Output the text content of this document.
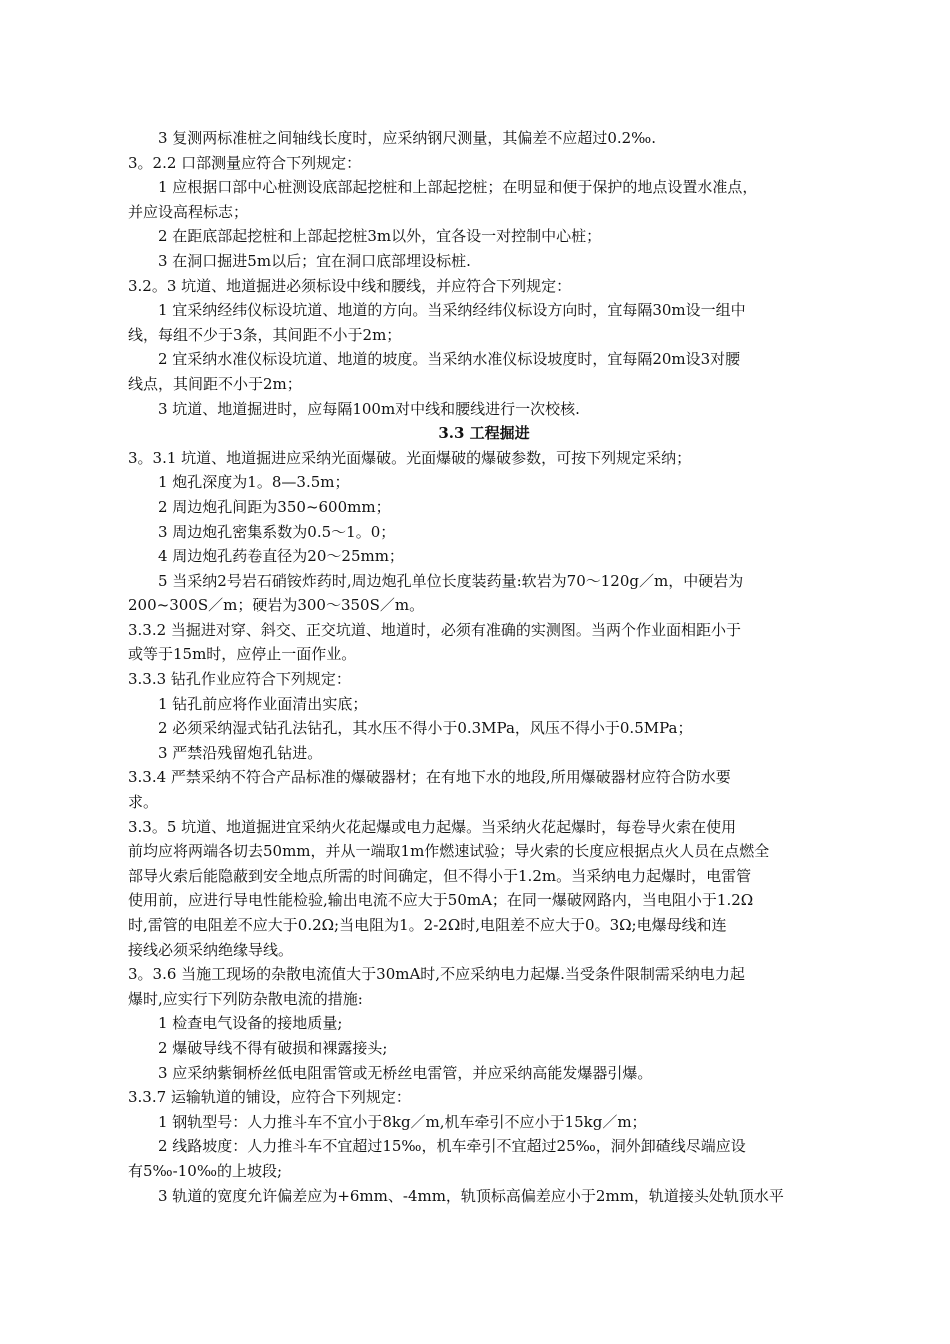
3 复测两标准桩之间轴线长度时，应采纳钢尺测量，其偏差不应超过0.2‰.
3。2.2 口部测量应符合下列规定：
1 应根据口部中心桩测设底部起挖桩和上部起挖桩；在明显和便于保护的地点设置水准点，
并应设高程标志；
2 在距底部起挖桩和上部起挖桩3m以外，宜各设一对控制中心桩；
3 在洞口掘进5m以后；宜在洞口底部埋设标桩.
3.2。3 坑道、地道掘进必须标设中线和腰线，并应符合下列规定：
1 宜采纳经纬仪标设坑道、地道的方向。当采纳经纬仪标设方向时，宜每隔30m设一组中
线，每组不少于3条，其间距不小于2m；
2 宜采纳水准仪标设坑道、地道的坡度。当采纳水准仪标设坡度时，宜每隔20m设3对腰
线点，其间距不小于2m；
3 坑道、地道掘进时，应每隔100m对中线和腰线进行一次校核.
3.3 工程掘进
3。3.1 坑道、地道掘进应采纳光面爆破。光面爆破的爆破参数，可按下列规定采纳；
1 炮孔深度为1。8—3.5m；
2 周边炮孔间距为350~600mm；
3 周边炮孔密集系数为0.5～1。0；
4 周边炮孔药卷直径为20～25mm；
5 当采纳2号岩石硝铵炸药时,周边炮孔单位长度装药量:软岩为70～120g／m，中硬岩为
200~300S／m；硬岩为300～350S／m。
3.3.2 当掘进对穿、斜交、正交坑道、地道时，必须有准确的实测图。当两个作业面相距小于
或等于15m时，应停止一面作业。
3.3.3 钻孔作业应符合下列规定：
1 钻孔前应将作业面清出实底；
2 必须采纳湿式钻孔法钻孔，其水压不得小于0.3MPa，风压不得小于0.5MPa；
3 严禁沿残留炮孔钻进。
3.3.4 严禁采纳不符合产品标准的爆破器材；在有地下水的地段,所用爆破器材应符合防水要
求。
3.3。5 坑道、地道掘进宜采纳火花起爆或电力起爆。当采纳火花起爆时，每卷导火索在使用
前均应将两端各切去50mm，并从一端取1m作燃速试验；导火索的长度应根据点火人员在点燃全
部导火索后能隐蔽到安全地点所需的时间确定，但不得小于1.2m。当采纳电力起爆时，电雷管
使用前，应进行导电性能检验,输出电流不应大于50mA；在同一爆破网路内，当电阻小于1.2Ω
时,雷管的电阻差不应大于0.2Ω;当电阻为1。2-2Ω时,电阻差不应大于0。3Ω;电爆母线和连
接线必须采纳绝缘导线。
3。3.6 当施工现场的杂散电流值大于30mA时,不应采纳电力起爆.当受条件限制需采纳电力起
爆时,应实行下列防杂散电流的措施:
1 检查电气设备的接地质量;
2 爆破导线不得有破损和裸露接头;
3 应采纳紫铜桥丝低电阻雷管或无桥丝电雷管，并应采纳高能发爆器引爆。
3.3.7 运输轨道的铺设，应符合下列规定：
1 钢轨型号：人力推斗车不宜小于8kg／m,机车牵引不应小于15kg／m；
2 线路坡度：人力推斗车不宜超过15‰，机车牵引不宜超过25‰，洞外卸碴线尽端应设
有5‰-10‰的上坡段;
3 轨道的宽度允许偏差应为+6mm、-4mm，轨顶标高偏差应小于2mm，轨道接头处轨顶水平
